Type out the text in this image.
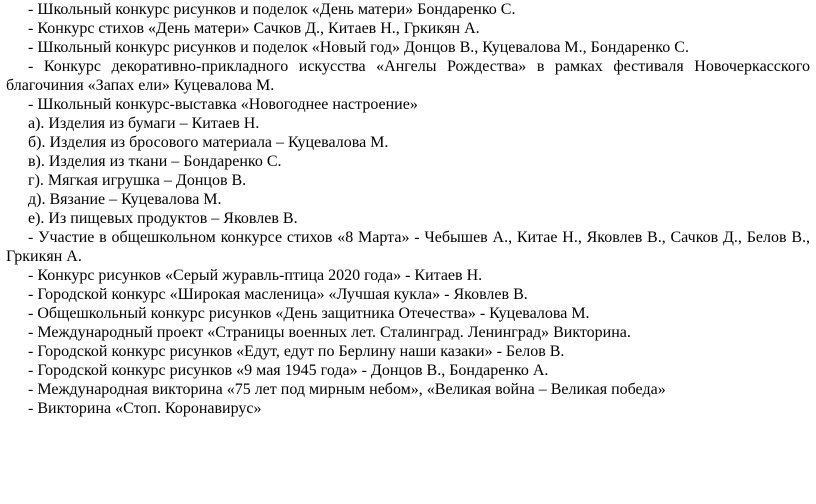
- Школьный конкурс рисунков и поделок «День матери» Бондаренко С.

- Конкурс стихов «День матери» Сачков Д., Китаев Н., Гркикян А.

- Школьный конкурс рисунков и поделок «Новый год» Донцов В., Куцевалова М., Бондаренко С.

- Конкурс декоративно-прикладного искусства «Ангелы Рождества» в рамках фестиваля Новочеркасского благочиния «Запах ели» Куцевалова М.

- Школьный конкурс-выставка «Новогоднее настроение»

а). Изделия из бумаги – Китаев Н.

б). Изделия из бросового материала – Куцевалова М.

в). Изделия из ткани – Бондаренко С.

г). Мягкая игрушка – Донцов В.

д). Вязание – Куцевалова М.

е). Из пищевых продуктов – Яковлев В.

- Участие в общешкольном конкурсе стихов «8 Марта» - Чебышев А., Китае Н., Яковлев В., Сачков Д., Белов В., Гркикян А.

- Конкурс рисунков «Серый журавль-птица 2020 года» - Китаев Н.

- Городской конкурс «Широкая масленица» «Лучшая кукла» - Яковлев В.

- Общешкольный конкурс рисунков «День защитника Отечества» - Куцевалова М.

- Международный проект «Страницы военных лет. Сталинград. Ленинград» Викторина.

- Городской конкурс рисунков «Едут, едут по Берлину наши казаки» - Белов В.

- Городской конкурс рисунков «9 мая 1945 года» - Донцов В., Бондаренко А.

- Международная викторина «75 лет под мирным небом», «Великая война – Великая победа»

- Викторина «Стоп. Коронавирус»
